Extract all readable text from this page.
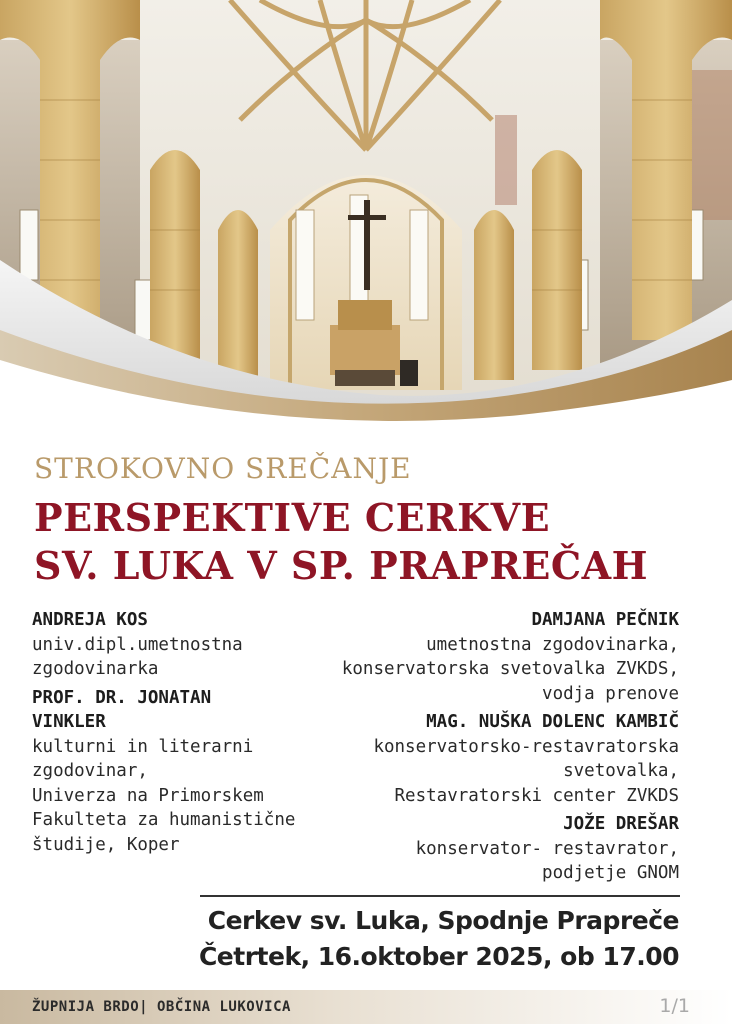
STROKOVNO SREČANJE
PERSPEKTIVE CERKVE
SV. LUKA V SP. PRAPREČAH
ANDREJA KOS
univ.dipl.umetnostna
zgodovinarka
PROF. DR. JONATAN
VINKLER
kulturni in literarni
zgodovinar,
Univerza na Primorskem
Fakulteta za humanistične
študije, Koper
DAMJANA PEČNIK
umetnostna zgodovinarka,
konservatorska svetovalka ZVKDS,
vodja prenove
MAG. NUŠKA DOLENC KAMBIČ
konservatorsko-restavratorska
svetovalka,
Restavratorski center ZVKDS
JOŽE DREŠAR
konservator- restavrator,
podjetje GNOM
Cerkev sv. Luka, Spodnje Prapreče
Četrtek, 16.oktober 2025, ob 17.00
ŽUPNIJA BRDO| OBČINA LUKOVICA	1/1
